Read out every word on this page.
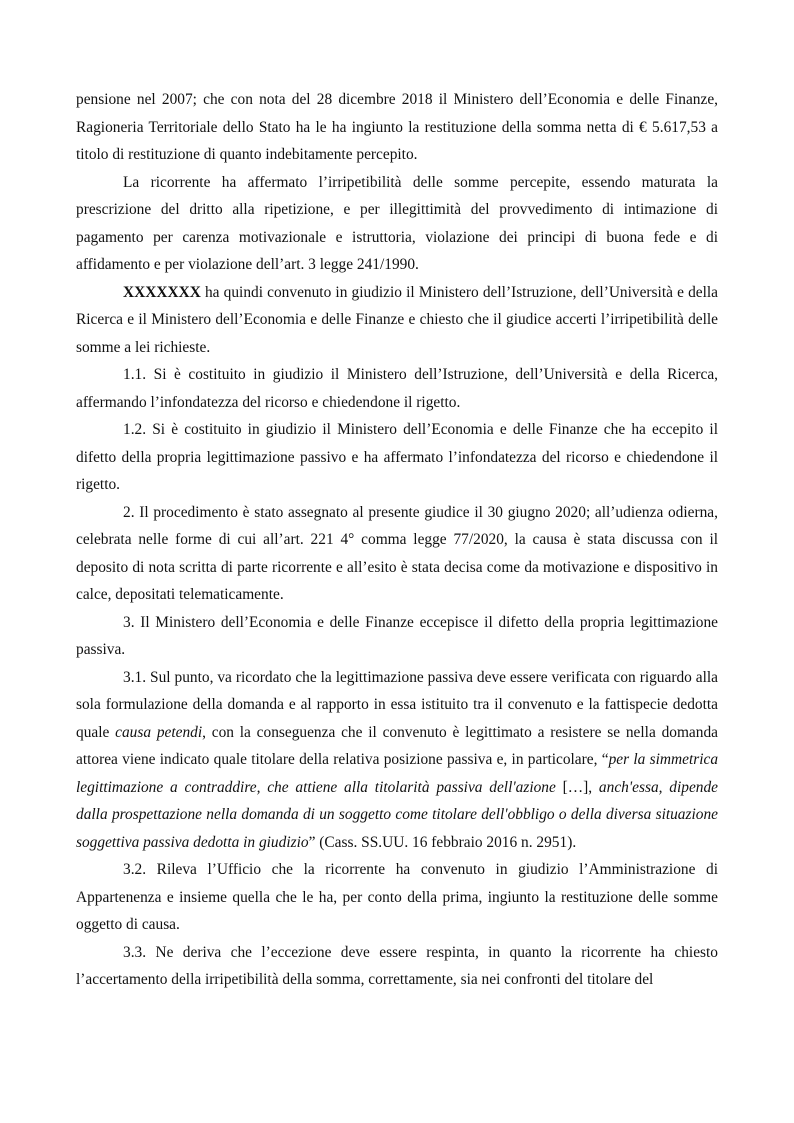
pensione nel 2007; che con nota del 28 dicembre 2018 il Ministero dell’Economia e delle Finanze, Ragioneria Territoriale dello Stato ha le ha ingiunto la restituzione della somma netta di € 5.617,53 a titolo di restituzione di quanto indebitamente percepito.

La ricorrente ha affermato l’irripetibilità delle somme percepite, essendo maturata la prescrizione del dritto alla ripetizione, e per illegittimità del provvedimento di intimazione di pagamento per carenza motivazionale e istruttoria, violazione dei principi di buona fede e di affidamento e per violazione dell’art. 3 legge 241/1990.

XXXXXXX ha quindi convenuto in giudizio il Ministero dell’Istruzione, dell’Università e della Ricerca e il Ministero dell’Economia e delle Finanze e chiesto che il giudice accerti l’irripetibilità delle somme a lei richieste.

1.1. Si è costituito in giudizio il Ministero dell’Istruzione, dell’Università e della Ricerca, affermando l’infondatezza del ricorso e chiedendone il rigetto.

1.2. Si è costituito in giudizio il Ministero dell’Economia e delle Finanze che ha eccepito il difetto della propria legittimazione passivo e ha affermato l’infondatezza del ricorso e chiedendone il rigetto.

2. Il procedimento è stato assegnato al presente giudice il 30 giugno 2020; all’udienza odierna, celebrata nelle forme di cui all’art. 221 4° comma legge 77/2020, la causa è stata discussa con il deposito di nota scritta di parte ricorrente e all’esito è stata decisa come da motivazione e dispositivo in calce, depositati telematicamente.

3. Il Ministero dell’Economia e delle Finanze eccepisce il difetto della propria legittimazione passiva.

3.1. Sul punto, va ricordato che la legittimazione passiva deve essere verificata con riguardo alla sola formulazione della domanda e al rapporto in essa istituito tra il convenuto e la fattispecie dedotta quale causa petendi, con la conseguenza che il convenuto è legittimato a resistere se nella domanda attorea viene indicato quale titolare della relativa posizione passiva e, in particolare, “per la simmetrica legittimazione a contraddire, che attiene alla titolarità passiva dell'azione […], anch'essa, dipende dalla prospettazione nella domanda di un soggetto come titolare dell'obbligo o della diversa situazione soggettiva passiva dedotta in giudizio” (Cass. SS.UU. 16 febbraio 2016 n. 2951).

3.2. Rileva l’Ufficio che la ricorrente ha convenuto in giudizio l’Amministrazione di Appartenenza e insieme quella che le ha, per conto della prima, ingiunto la restituzione delle somme oggetto di causa.

3.3. Ne deriva che l’eccezione deve essere respinta, in quanto la ricorrente ha chiesto l’accertamento della irripetibilità della somma, correttamente, sia nei confronti del titolare del
